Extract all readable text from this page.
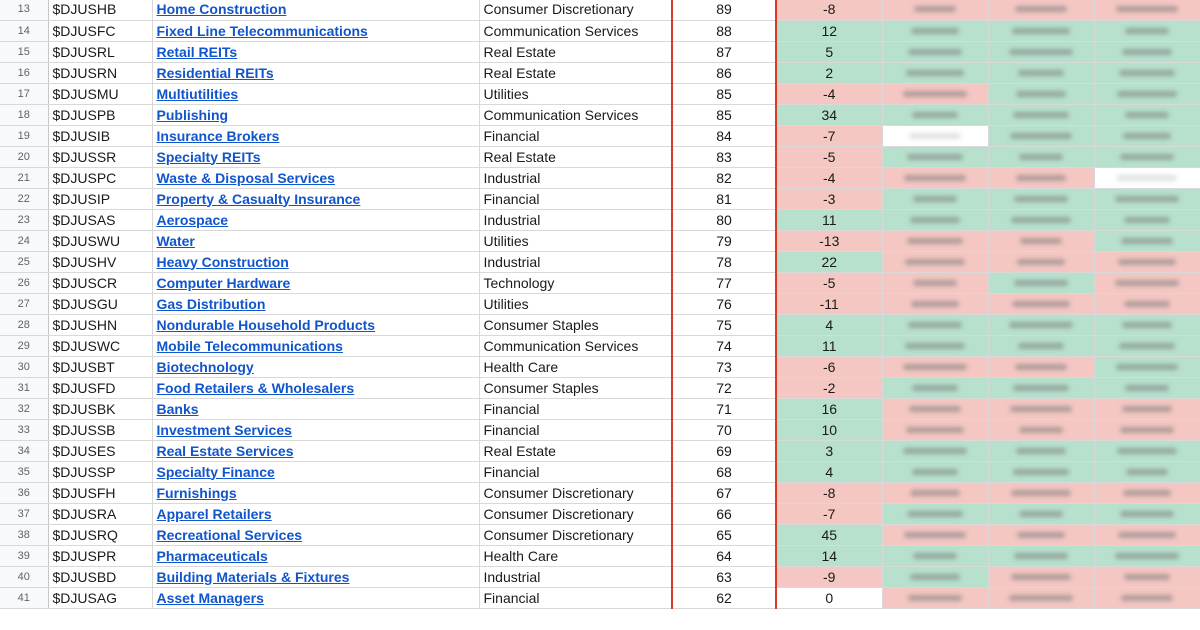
13	$DJUSHB	Home Construction	Consumer Discretionary	89	-8	

14	$DJUSFC	Fixed Line Telecommunications	Communication Services	88	12	

15	$DJUSRL	Retail REITs	Real Estate	87	5	

16	$DJUSRN	Residential REITs	Real Estate	86	2	

17	$DJUSMU	Multiutilities	Utilities	85	-4	

18	$DJUSPB	Publishing	Communication Services	85	34	

19	$DJUSIB	Insurance Brokers	Financial	84	-7	

20	$DJUSSR	Specialty REITs	Real Estate	83	-5	

21	$DJUSPC	Waste & Disposal Services	Industrial	82	-4	

22	$DJUSIP	Property & Casualty Insurance	Financial	81	-3	

23	$DJUSAS	Aerospace	Industrial	80	11	

24	$DJUSWU	Water	Utilities	79	-13	

25	$DJUSHV	Heavy Construction	Industrial	78	22	

26	$DJUSCR	Computer Hardware	Technology	77	-5	

27	$DJUSGU	Gas Distribution	Utilities	76	-11	

28	$DJUSHN	Nondurable Household Products	Consumer Staples	75	4	

29	$DJUSWC	Mobile Telecommunications	Communication Services	74	11	

30	$DJUSBT	Biotechnology	Health Care	73	-6	

31	$DJUSFD	Food Retailers & Wholesalers	Consumer Staples	72	-2	

32	$DJUSBK	Banks	Financial	71	16	

33	$DJUSSB	Investment Services	Financial	70	10	

34	$DJUSES	Real Estate Services	Real Estate	69	3	

35	$DJUSSP	Specialty Finance	Financial	68	4	

36	$DJUSFH	Furnishings	Consumer Discretionary	67	-8	

37	$DJUSRA	Apparel Retailers	Consumer Discretionary	66	-7	

38	$DJUSRQ	Recreational Services	Consumer Discretionary	65	45	

39	$DJUSPR	Pharmaceuticals	Health Care	64	14	

40	$DJUSBD	Building Materials & Fixtures	Industrial	63	-9	

41	$DJUSAG	Asset Managers	Financial	62	0	
